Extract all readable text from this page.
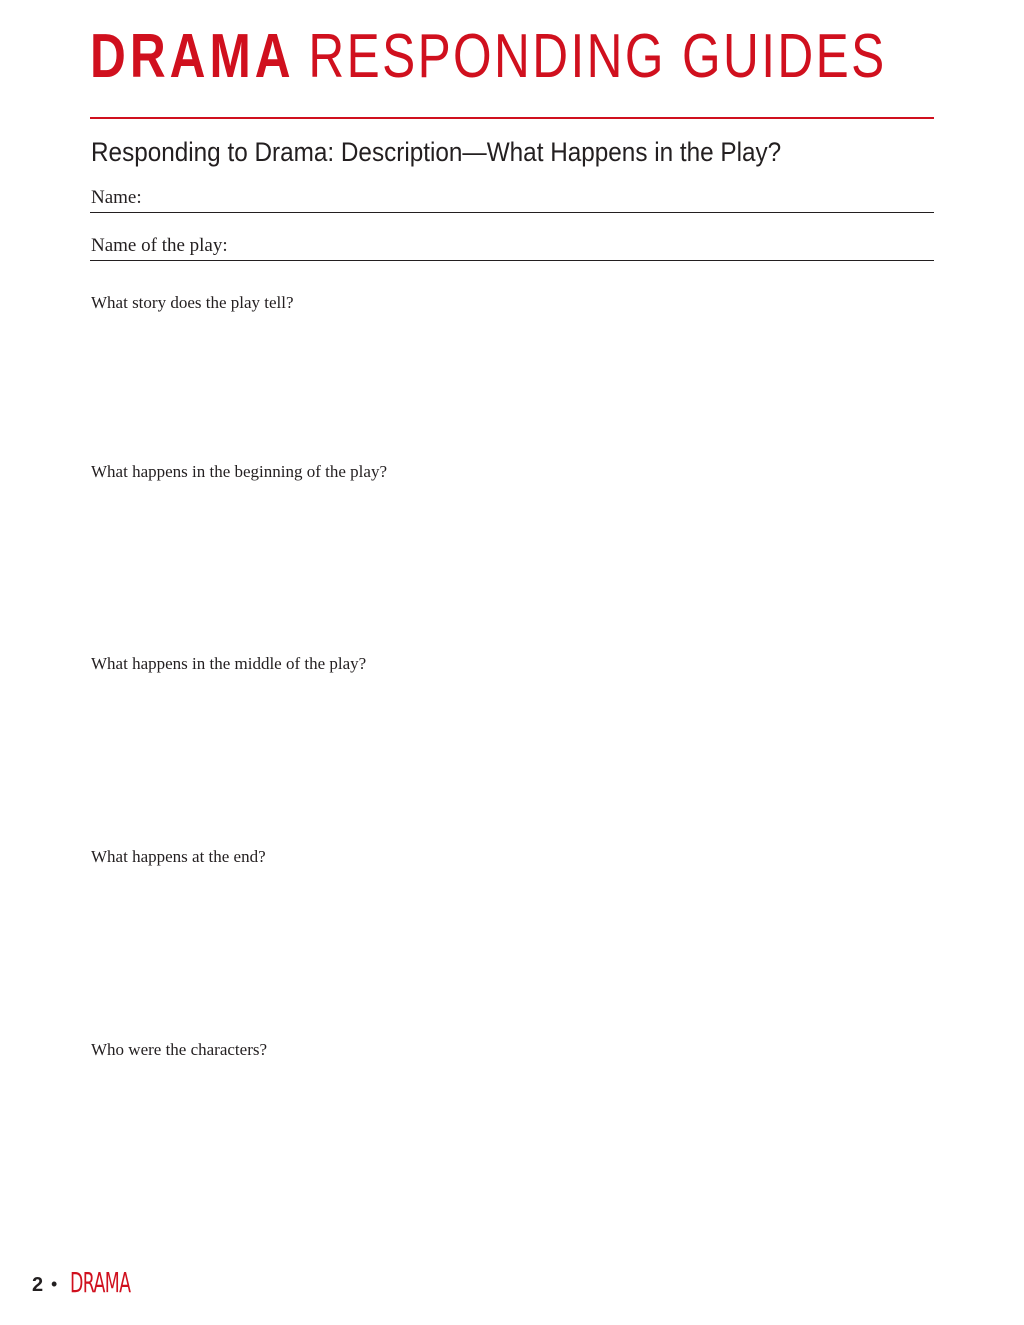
DRAMA RESPONDING GUIDES
Responding to Drama: Description—What Happens in the Play?
Name:
Name of the play:
What story does the play tell?
What happens in the beginning of the play?
What happens in the middle of the play?
What happens at the end?
Who were the characters?
2 • DRAMA
